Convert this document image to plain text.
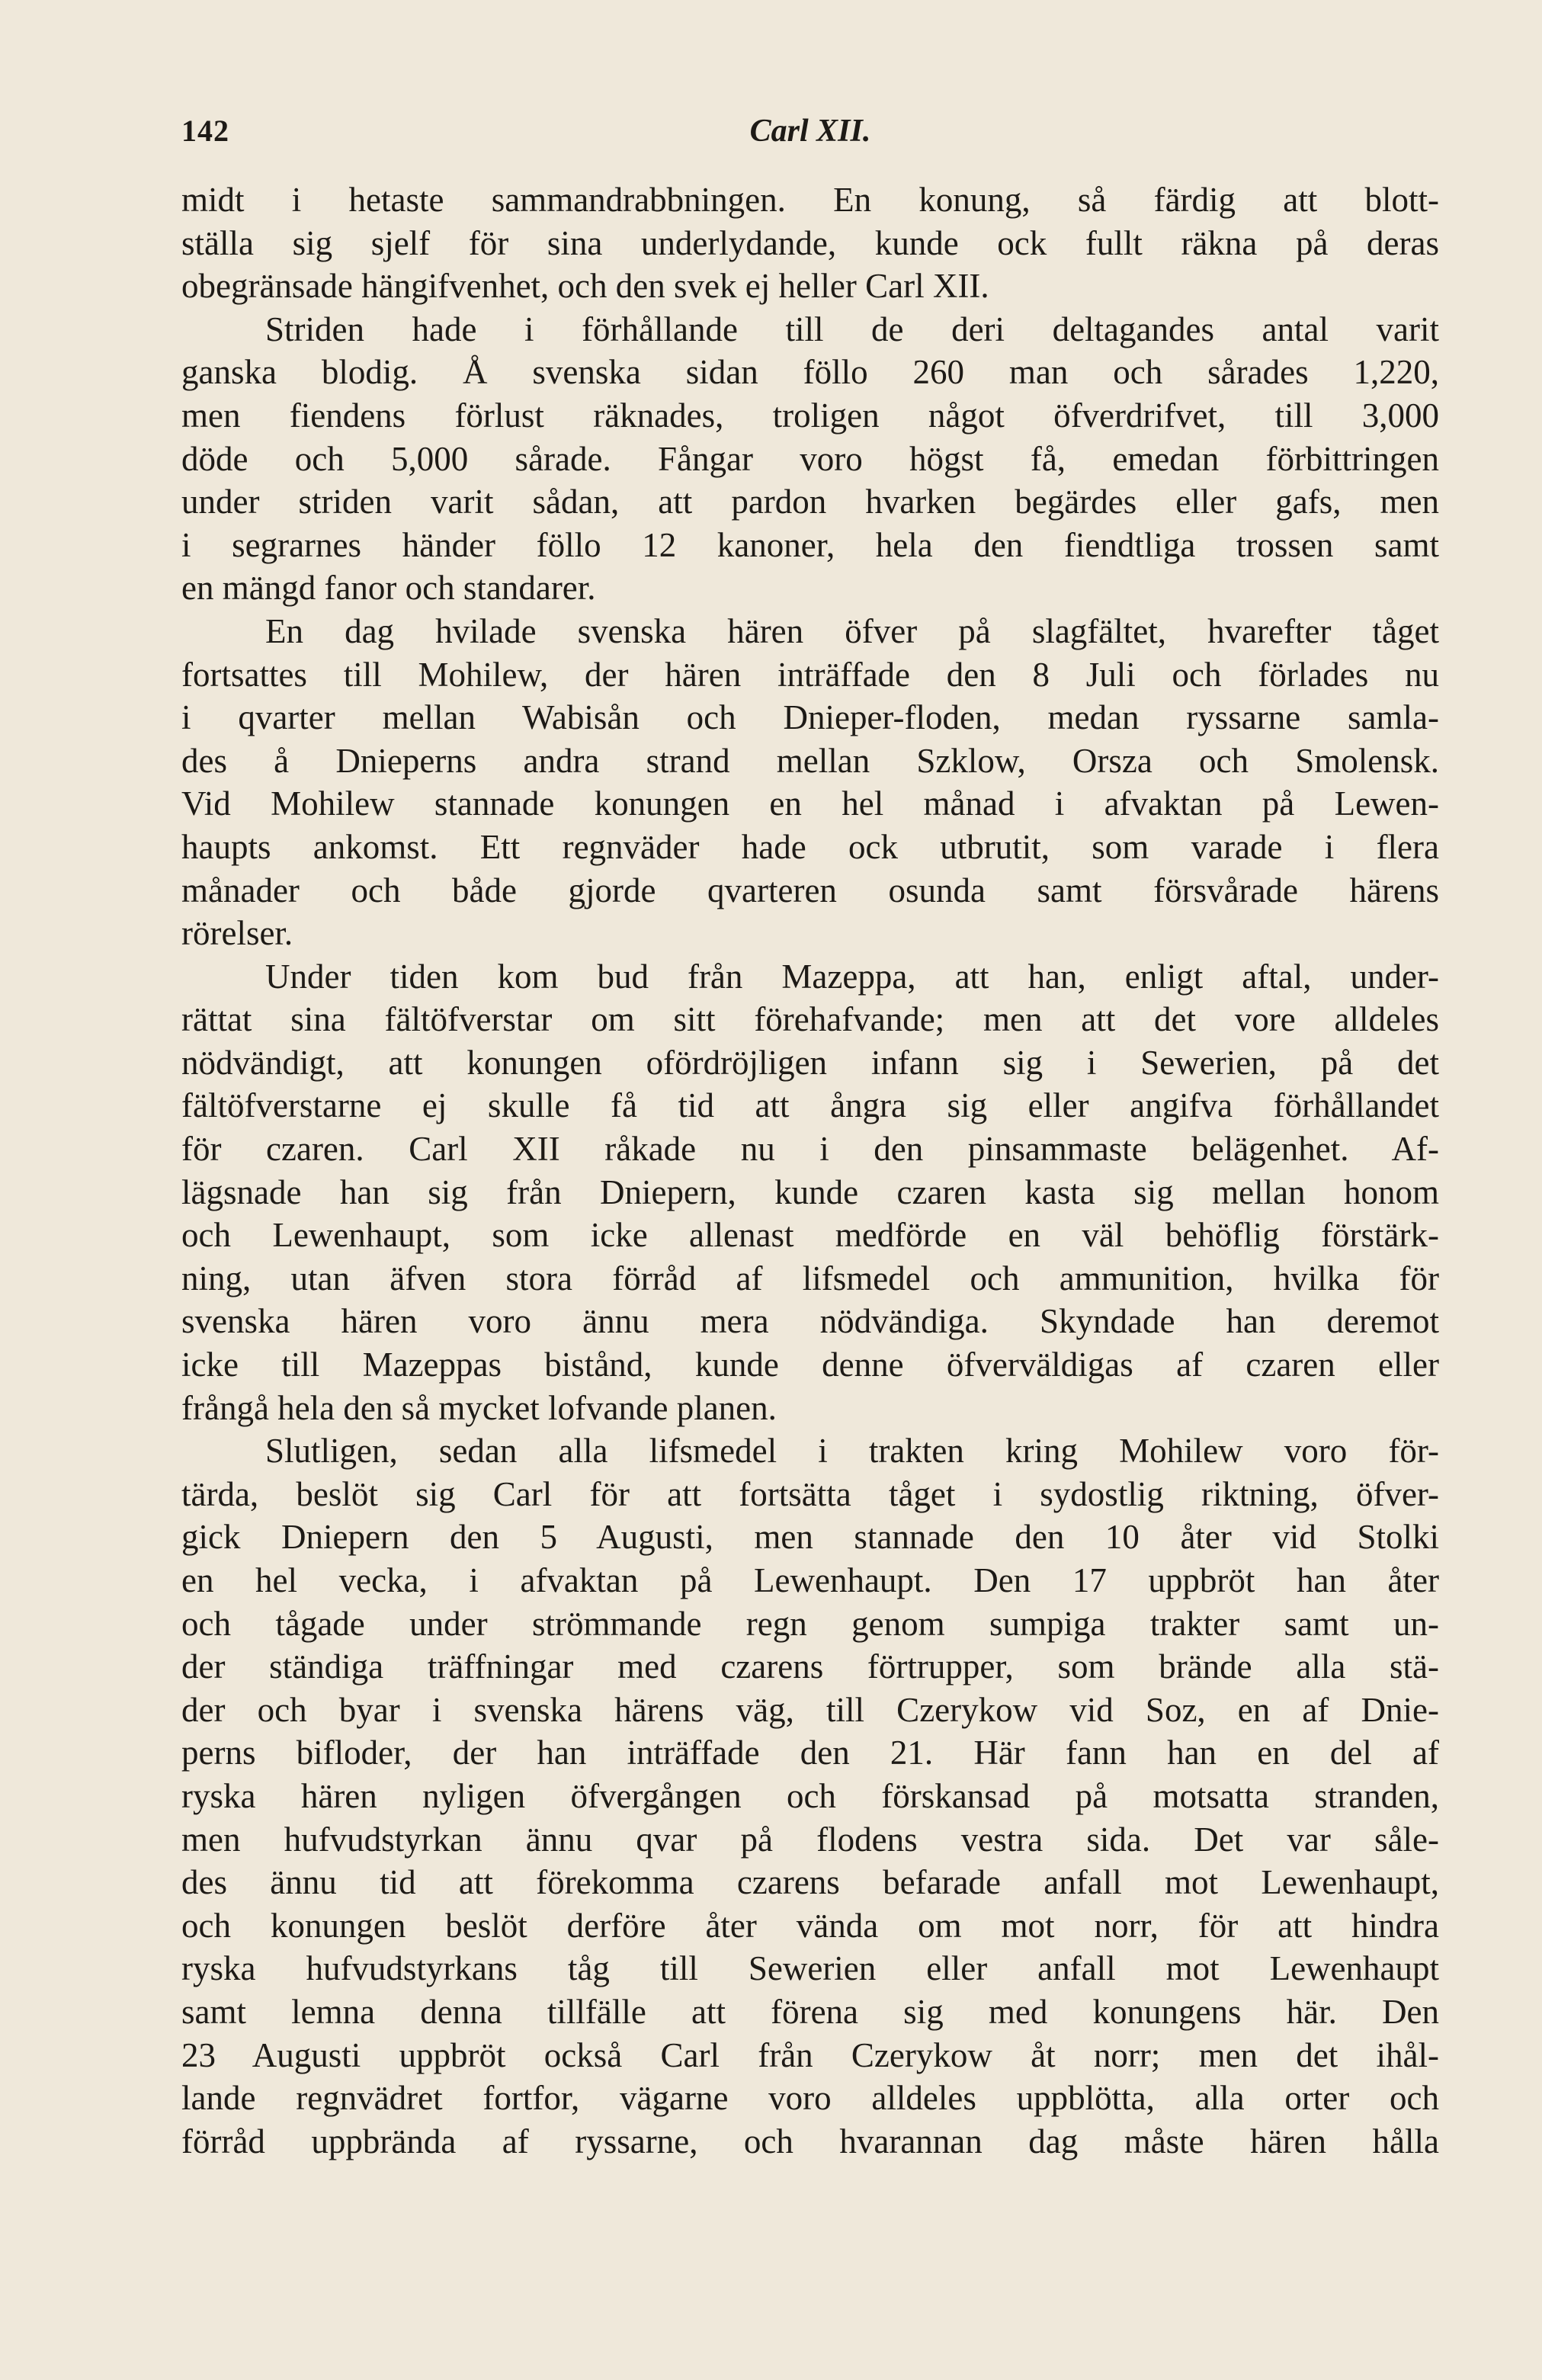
142	Carl XII.
midt i hetaste sammandrabbningen. En konung, så färdig att blott-
ställa sig sjelf för sina underlydande, kunde ock fullt räkna på deras
obegränsade hängifvenhet, och den svek ej heller Carl XII.
Striden hade i förhållande till de deri deltagandes antal varit
ganska blodig. Å svenska sidan föllo 260 man och sårades 1,220,
men fiendens förlust räknades, troligen något öfverdrifvet, till 3,000
döde och 5,000 sårade. Fångar voro högst få, emedan förbittringen
under striden varit sådan, att pardon hvarken begärdes eller gafs, men
i segrarnes händer föllo 12 kanoner, hela den fiendtliga trossen samt
en mängd fanor och standarer.
En dag hvilade svenska hären öfver på slagfältet, hvarefter tåget
fortsattes till Mohilew, der hären inträffade den 8 Juli och förlades nu
i qvarter mellan Wabisån och Dnieper-floden, medan ryssarne samla-
des å Dnieperns andra strand mellan Szklow, Orsza och Smolensk.
Vid Mohilew stannade konungen en hel månad i afvaktan på Lewen-
haupts ankomst. Ett regnväder hade ock utbrutit, som varade i flera
månader och både gjorde qvarteren osunda samt försvårade härens
rörelser.
Under tiden kom bud från Mazeppa, att han, enligt aftal, under-
rättat sina fältöfverstar om sitt förehafvande; men att det vore alldeles
nödvändigt, att konungen ofördröjligen infann sig i Sewerien, på det
fältöfverstarne ej skulle få tid att ångra sig eller angifva förhållandet
för czaren. Carl XII råkade nu i den pinsammaste belägenhet. Af-
lägsnade han sig från Dniepern, kunde czaren kasta sig mellan honom
och Lewenhaupt, som icke allenast medförde en väl behöflig förstärk-
ning, utan äfven stora förråd af lifsmedel och ammunition, hvilka för
svenska hären voro ännu mera nödvändiga. Skyndade han deremot
icke till Mazeppas bistånd, kunde denne öfverväldigas af czaren eller
frångå hela den så mycket lofvande planen.
Slutligen, sedan alla lifsmedel i trakten kring Mohilew voro för-
tärda, beslöt sig Carl för att fortsätta tåget i sydostlig riktning, öfver-
gick Dniepern den 5 Augusti, men stannade den 10 åter vid Stolki
en hel vecka, i afvaktan på Lewenhaupt. Den 17 uppbröt han åter
och tågade under strömmande regn genom sumpiga trakter samt un-
der ständiga träffningar med czarens förtrupper, som brände alla stä-
der och byar i svenska härens väg, till Czerykow vid Soz, en af Dnie-
perns bifloder, der han inträffade den 21. Här fann han en del af
ryska hären nyligen öfvergången och förskansad på motsatta stranden,
men hufvudstyrkan ännu qvar på flodens vestra sida. Det var såle-
des ännu tid att förekomma czarens befarade anfall mot Lewenhaupt,
och konungen beslöt derföre åter vända om mot norr, för att hindra
ryska hufvudstyrkans tåg till Sewerien eller anfall mot Lewenhaupt
samt lemna denna tillfälle att förena sig med konungens här. Den
23 Augusti uppbröt också Carl från Czerykow åt norr; men det ihål-
lande regnvädret fortfor, vägarne voro alldeles uppblötta, alla orter och
förråd uppbrända af ryssarne, och hvarannan dag måste hären hålla
